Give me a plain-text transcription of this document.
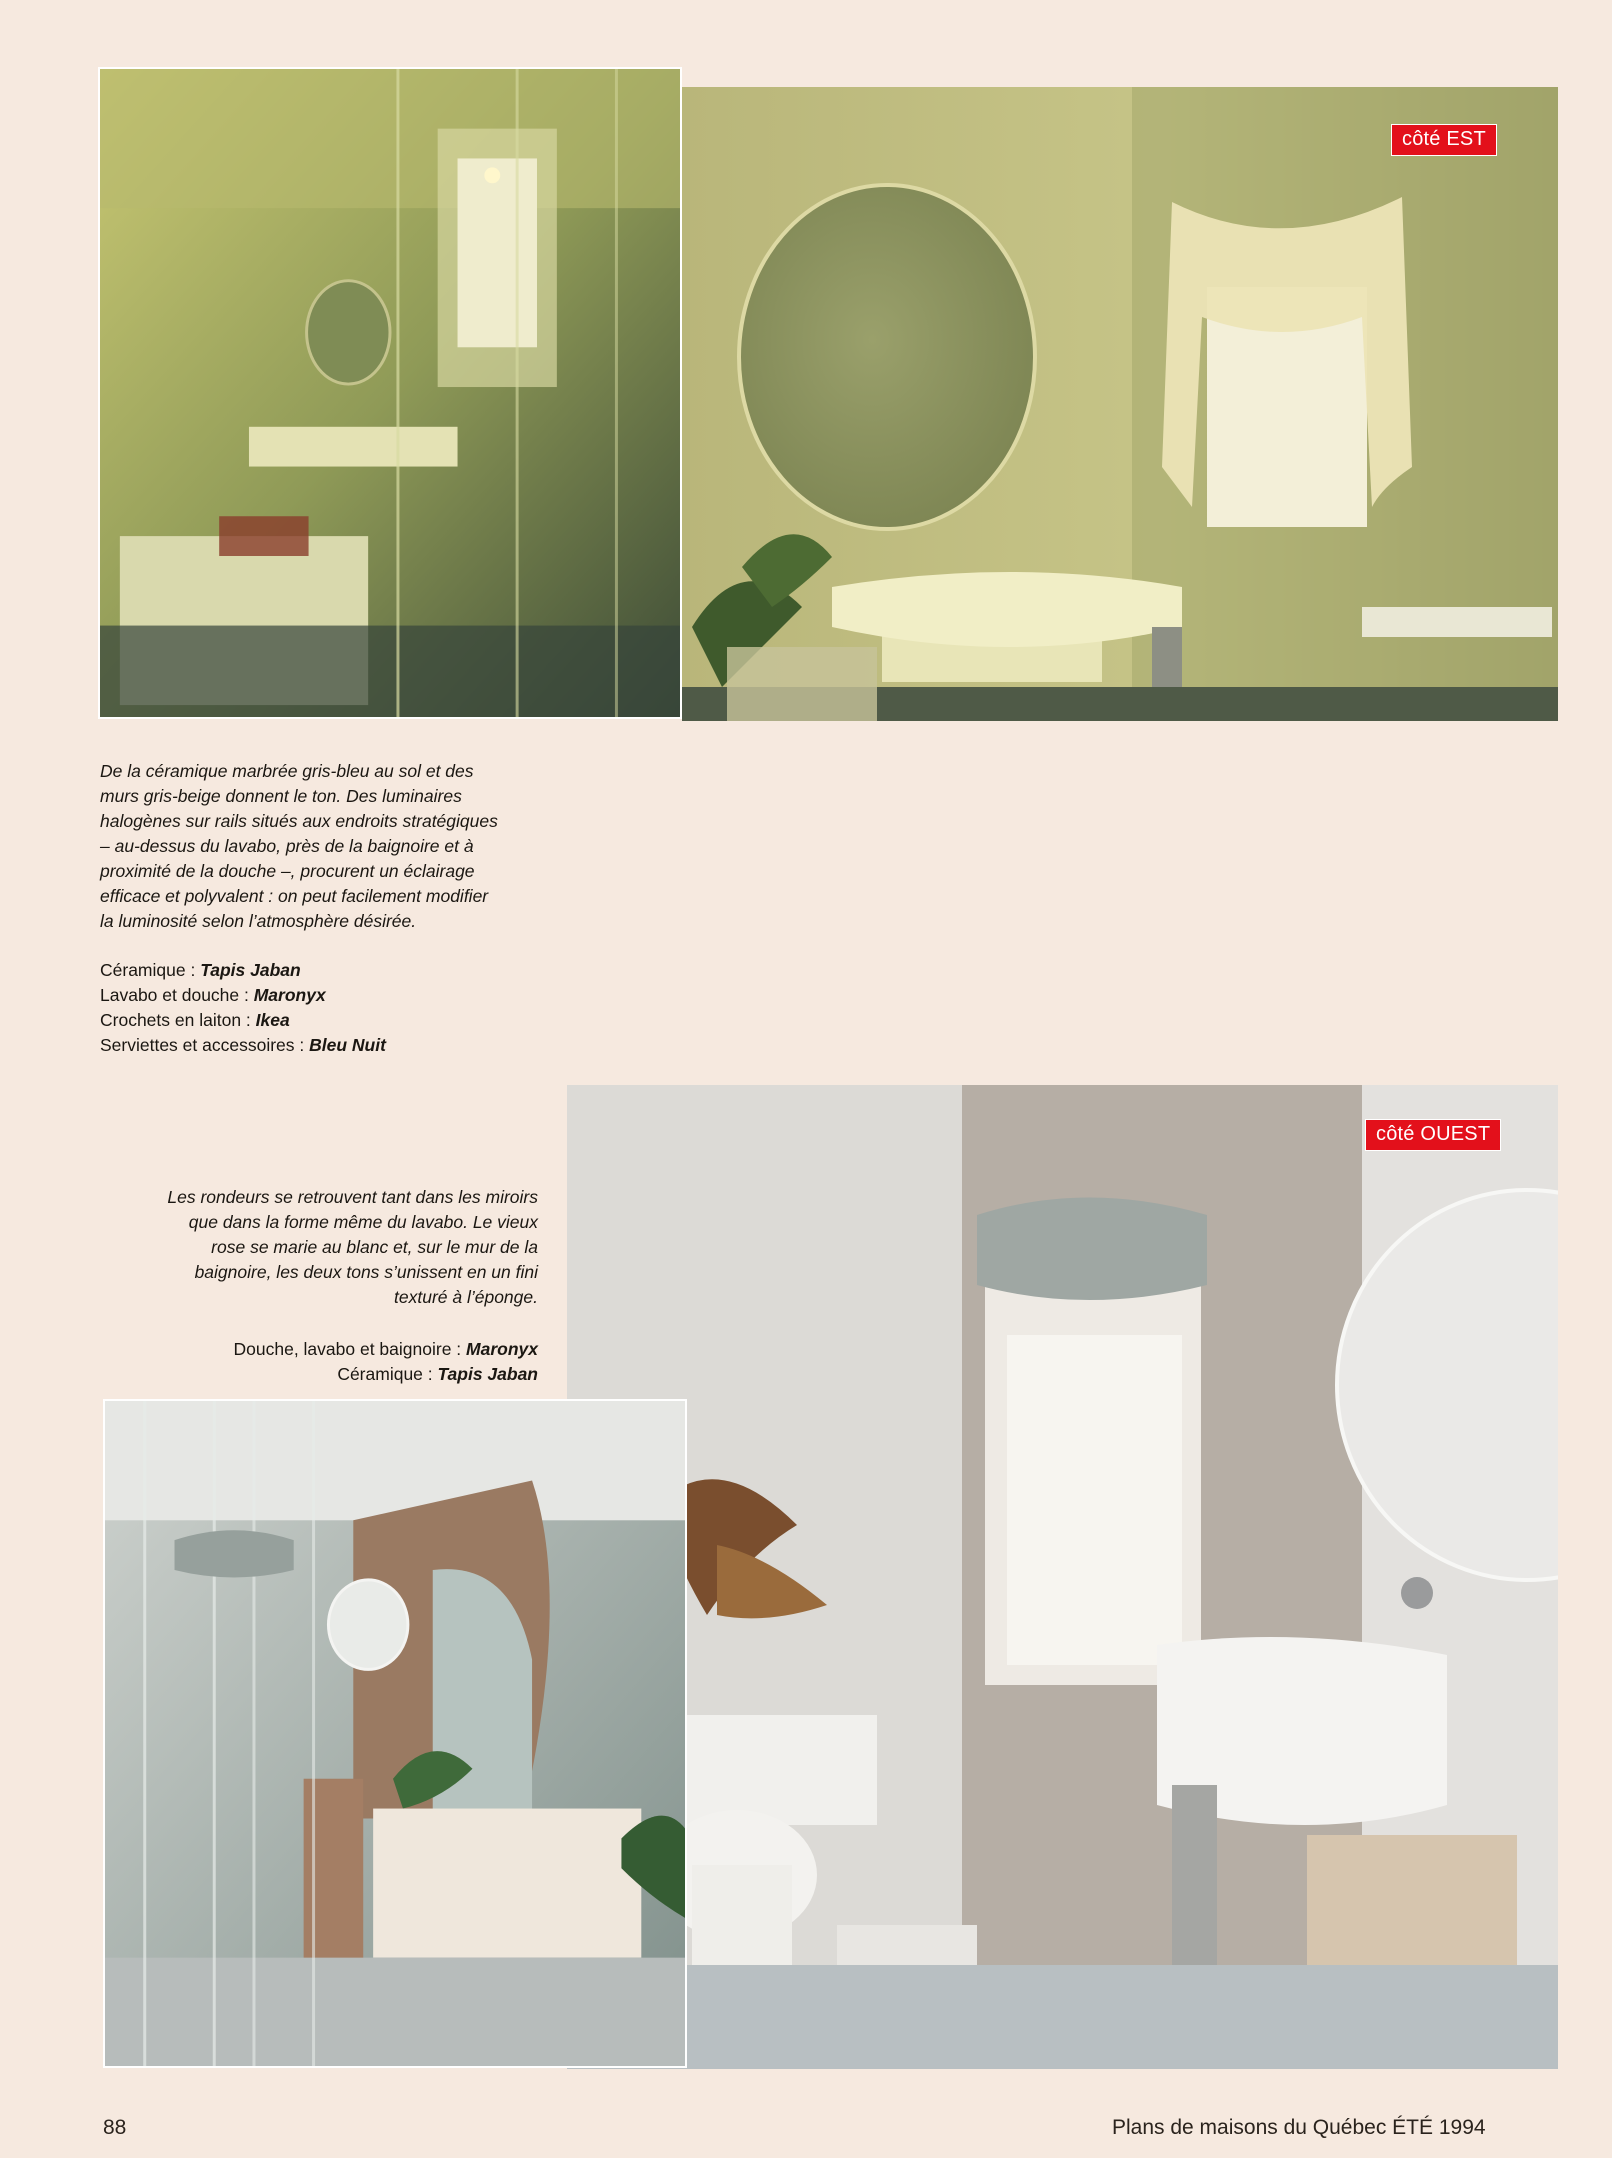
côté EST
De la céramique marbrée gris-bleu au sol et des
murs gris-beige donnent le ton. Des luminaires
halogènes sur rails situés aux endroits stratégiques
– au-dessus du lavabo, près de la baignoire et à
proximité de la douche –, procurent un éclairage
efficace et polyvalent : on peut facilement modifier
la luminosité selon l’atmosphère désirée.
Céramique : Tapis Jaban
Lavabo et douche : Maronyx
Crochets en laiton : Ikea
Serviettes et accessoires : Bleu Nuit
côté OUEST
Les rondeurs se retrouvent tant dans les miroirs
que dans la forme même du lavabo. Le vieux
rose se marie au blanc et, sur le mur de la
baignoire, les deux tons s’unissent en un fini
texturé à l’éponge.
Douche, lavabo et baignoire : Maronyx
Céramique : Tapis Jaban
88	Plans de maisons du Québec ÉTÉ 1994
